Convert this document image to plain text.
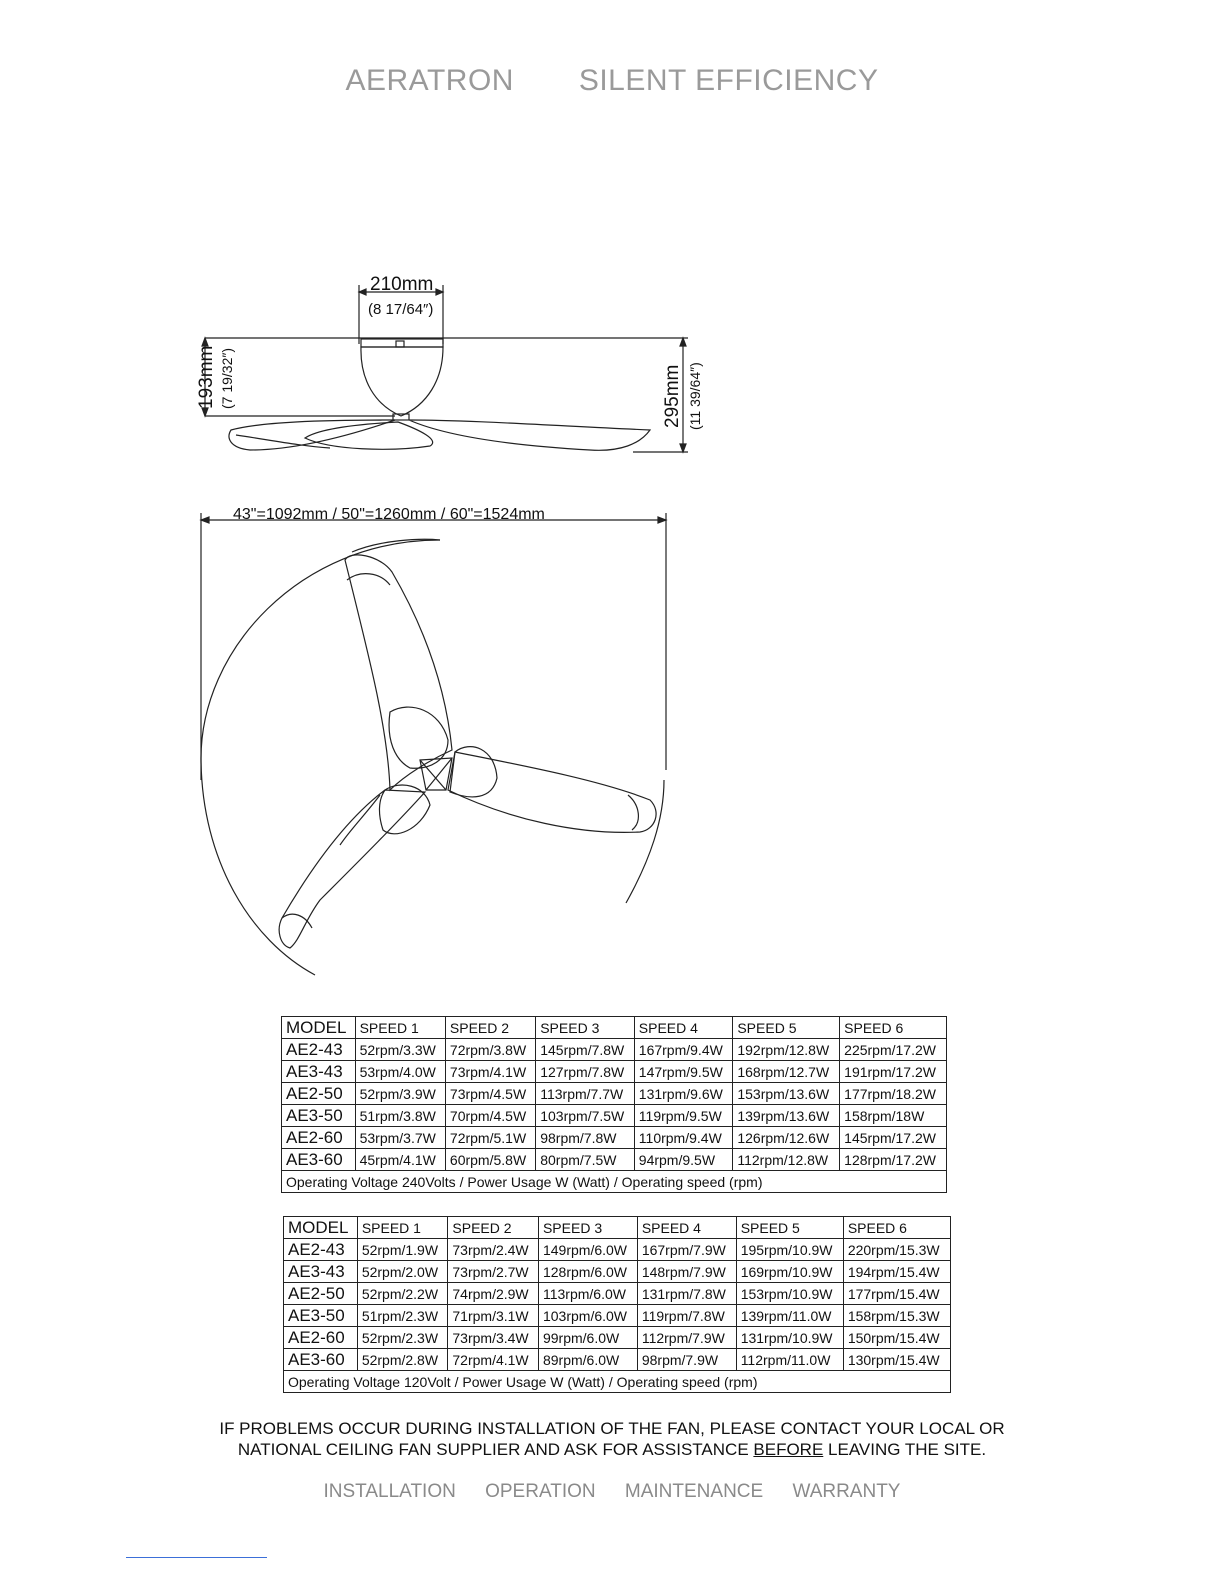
AERATRON SILENT EFFICIENCY
210mm
(8 17/64″)
193mm (7 19/32″)	295mm (11 39/64″)
43"=1092mm / 50"=1260mm / 60"=1524mm
MODEL	SPEED 1	SPEED 2	SPEED 3	SPEED 4	SPEED 5	SPEED 6
AE2-43	52rpm/3.3W	72rpm/3.8W	145rpm/7.8W	167rpm/9.4W	192rpm/12.8W	225rpm/17.2W
AE3-43	53rpm/4.0W	73rpm/4.1W	127rpm/7.8W	147rpm/9.5W	168rpm/12.7W	191rpm/17.2W
AE2-50	52rpm/3.9W	73rpm/4.5W	113rpm/7.7W	131rpm/9.6W	153rpm/13.6W	177rpm/18.2W
AE3-50	51rpm/3.8W	70rpm/4.5W	103rpm/7.5W	119rpm/9.5W	139rpm/13.6W	158rpm/18W
AE2-60	53rpm/3.7W	72rpm/5.1W	98rpm/7.8W	110rpm/9.4W	126rpm/12.6W	145rpm/17.2W
AE3-60	45rpm/4.1W	60rpm/5.8W	80rpm/7.5W	94rpm/9.5W	112rpm/12.8W	128rpm/17.2W
Operating Voltage 240Volts / Power Usage W (Watt) / Operating speed (rpm)						
MODEL	SPEED 1	SPEED 2	SPEED 3	SPEED 4	SPEED 5	SPEED 6
AE2-43	52rpm/1.9W	73rpm/2.4W	149rpm/6.0W	167rpm/7.9W	195rpm/10.9W	220rpm/15.3W
AE3-43	52rpm/2.0W	73rpm/2.7W	128rpm/6.0W	148rpm/7.9W	169rpm/10.9W	194rpm/15.4W
AE2-50	52rpm/2.2W	74rpm/2.9W	113rpm/6.0W	131rpm/7.8W	153rpm/10.9W	177rpm/15.4W
AE3-50	51rpm/2.3W	71rpm/3.1W	103rpm/6.0W	119rpm/7.8W	139rpm/11.0W	158rpm/15.3W
AE2-60	52rpm/2.3W	73rpm/3.4W	99rpm/6.0W	112rpm/7.9W	131rpm/10.9W	150rpm/15.4W
AE3-60	52rpm/2.8W	72rpm/4.1W	89rpm/6.0W	98rpm/7.9W	112rpm/11.0W	130rpm/15.4W
Operating Voltage 120Volt / Power Usage W (Watt) / Operating speed (rpm)						
IF PROBLEMS OCCUR DURING INSTALLATION OF THE FAN, PLEASE CONTACT YOUR LOCAL OR
NATIONAL CEILING FAN SUPPLIER AND ASK FOR ASSISTANCE BEFORE LEAVING THE SITE.
INSTALLATION OPERATION MAINTENANCE WARRANTY
